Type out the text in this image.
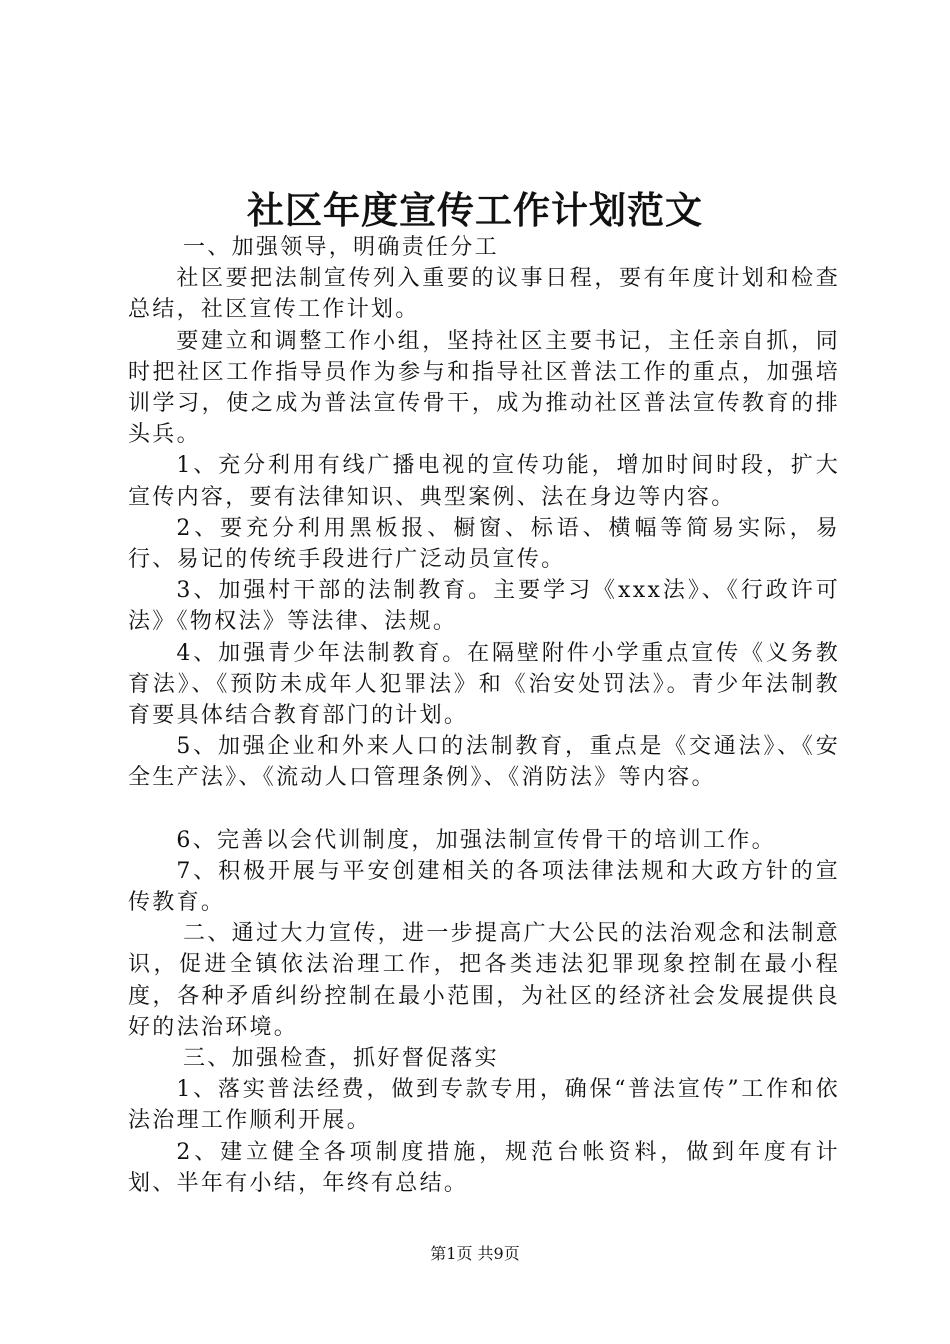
社区年度宣传工作计划范文

一、加强领导，明确责任分工

社区要把法制宣传列入重要的议事日程，要有年度计划和检查总结，社区宣传工作计划。

要建立和调整工作小组，坚持社区主要书记，主任亲自抓，同时把社区工作指导员作为参与和指导社区普法工作的重点，加强培训学习，使之成为普法宣传骨干，成为推动社区普法宣传教育的排头兵。

1、充分利用有线广播电视的宣传功能，增加时间时段，扩大宣传内容，要有法律知识、典型案例、法在身边等内容。

2、要充分利用黑板报、橱窗、标语、横幅等简易实际，易行、易记的传统手段进行广泛动员宣传。

3、加强村干部的法制教育。主要学习《xxx法》、《行政许可法》《物权法》等法律、法规。

4、加强青少年法制教育。在隔壁附件小学重点宣传《义务教育法》、《预防未成年人犯罪法》和《治安处罚法》。青少年法制教育要具体结合教育部门的计划。

5、加强企业和外来人口的法制教育，重点是《交通法》、《安全生产法》、《流动人口管理条例》、《消防法》等内容。

6、完善以会代训制度，加强法制宣传骨干的培训工作。

7、积极开展与平安创建相关的各项法律法规和大政方针的宣传教育。

二、通过大力宣传，进一步提高广大公民的法治观念和法制意识，促进全镇依法治理工作，把各类违法犯罪现象控制在最小程度，各种矛盾纠纷控制在最小范围，为社区的经济社会发展提供良好的法治环境。

三、加强检查，抓好督促落实

1、落实普法经费，做到专款专用，确保“普法宣传”工作和依法治理工作顺利开展。

2、建立健全各项制度措施，规范台帐资料，做到年度有计划、半年有小结，年终有总结。

第1页 共9页
